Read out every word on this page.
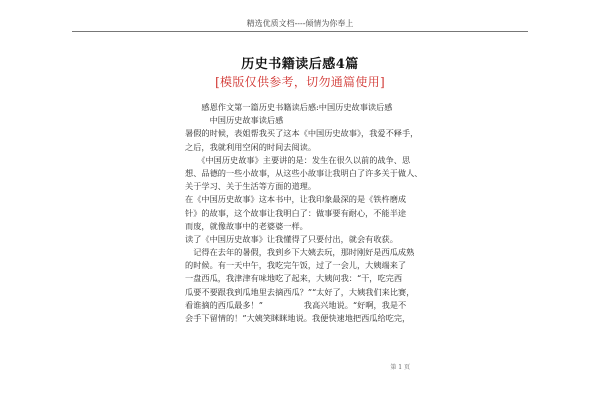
精选优质文档----倾情为你奉上
历史书籍读后感4篇
[模版仅供参考，切勿通篇使用]
　　感恩作文第一篇历史书籍读后感:中国历史故事读后感
　　　中国历史故事读后感
暑假的时候，表姐帮我买了这本《中国历史故事》，我爱不释手，
之后，我就利用空闲的时间去阅读。
　　《中国历史故事》主要讲的是：发生在很久以前的战争、思
想、品德的一些小故事，从这些小故事让我明白了许多关于做人、
关于学习、关于生活等方面的道理。
在《中国历史故事》这本书中，让我印象最深的是《铁杵磨成
针》的故事，这个故事让我明白了：做事要有耐心，不能半途
而废，就像故事中的老婆婆一样。
读了《中国历史故事》让我懂得了只要付出，就会有收获。
　记得在去年的暑假，我到乡下大姨去玩，那时刚好是西瓜成熟
的时候。有一天中午，我吃完午饭，过了一会儿，大姨端来了
一盘西瓜，我津津有味地吃了起来，大姨问我：“干，吃完西
瓜要不要跟我到瓜地里去摘西瓜？”“太好了，大姨我们来比赛，
看谁摘的西瓜最多！”　　　　　我高兴地说。“好啊，我是不
会手下留情的！”大姨笑眯眯地说。我便快速地把西瓜给吃完，
第 1 页
